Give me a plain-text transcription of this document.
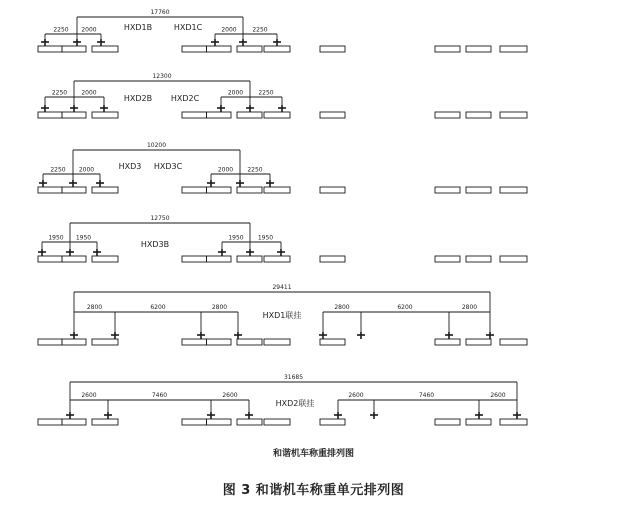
17760
2250 2000	2000	2250
HXD1B	HXD1C
12300
2250 2000	2000	2250
HXD2B HXD2C
10200
2250 2000	2000 2250
HXD3 HXD3C
12750
1950 1950	1950 1950
HXD3B
29411
2800	6200	2800	2800	6200	2800
HXD1联挂
31685
2600	7460	2600	2600	7460	2600
HXD2联挂
和谐机车称重排列图
图 3 和谐机车称重单元排列图
